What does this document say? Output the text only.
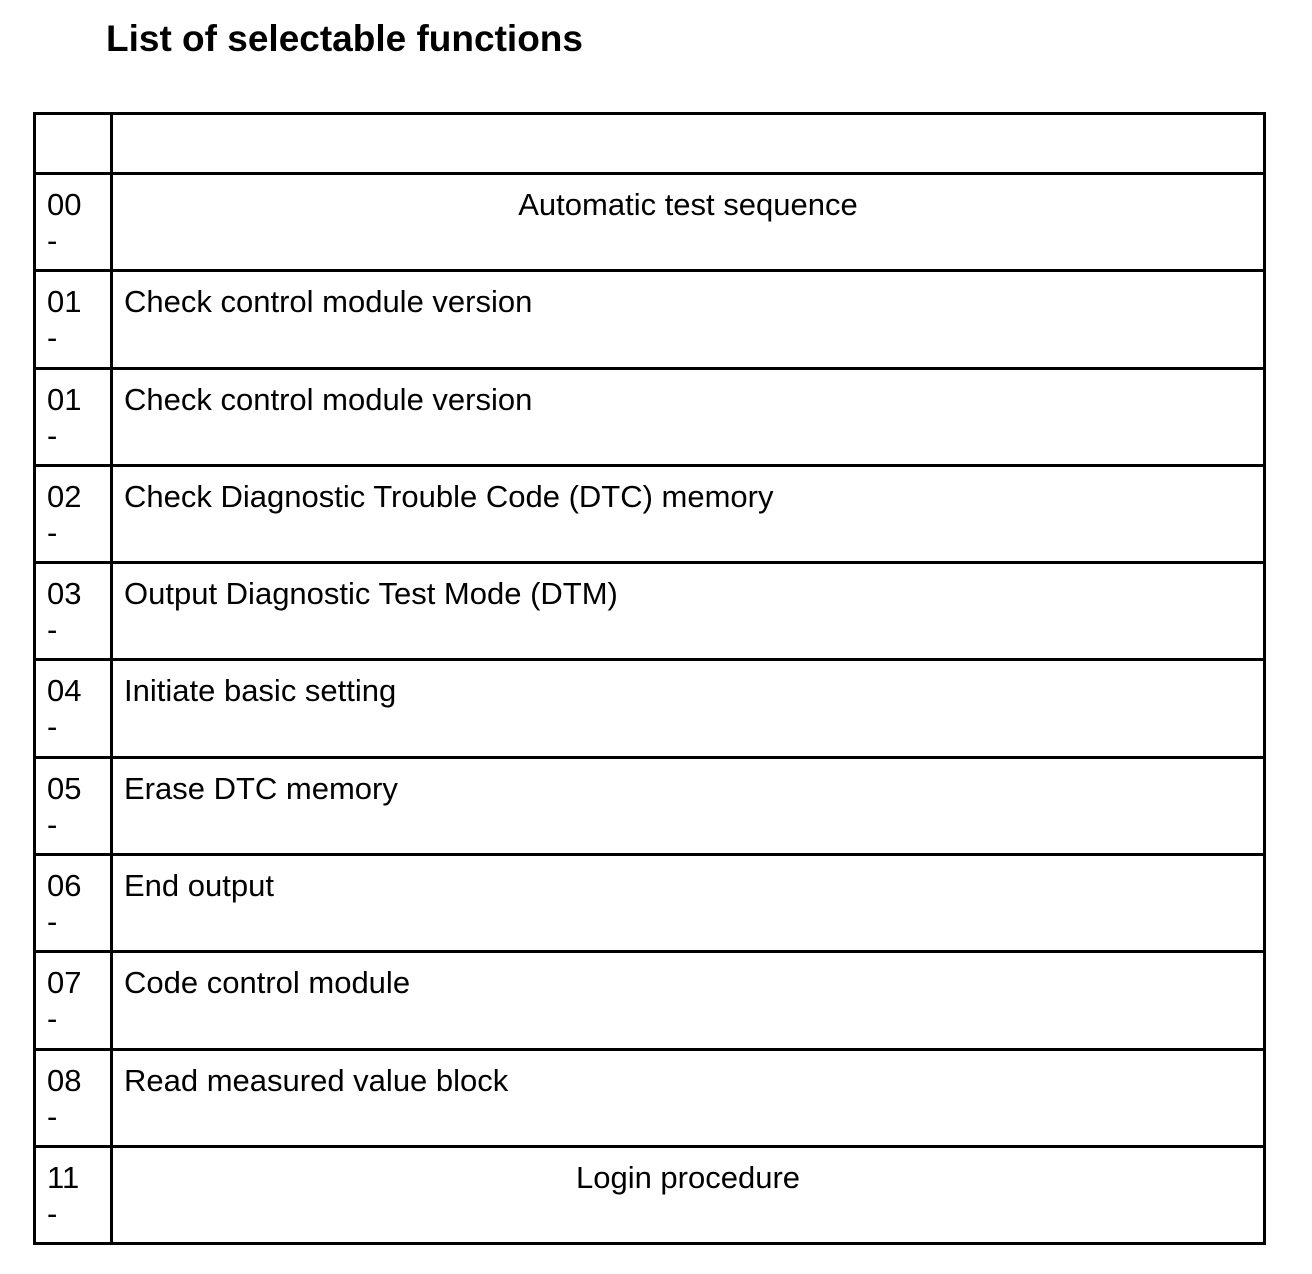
List of selectable functions

00
-	Automatic test sequence

01
-	Check control module version

01
-	Check control module version

02
-	Check Diagnostic Trouble Code (DTC) memory

03
-	Output Diagnostic Test Mode (DTM)

04
-	Initiate basic setting

05
-	Erase DTC memory

06
-	End output

07
-	Code control module

08
-	Read measured value block

11
-	Login procedure
